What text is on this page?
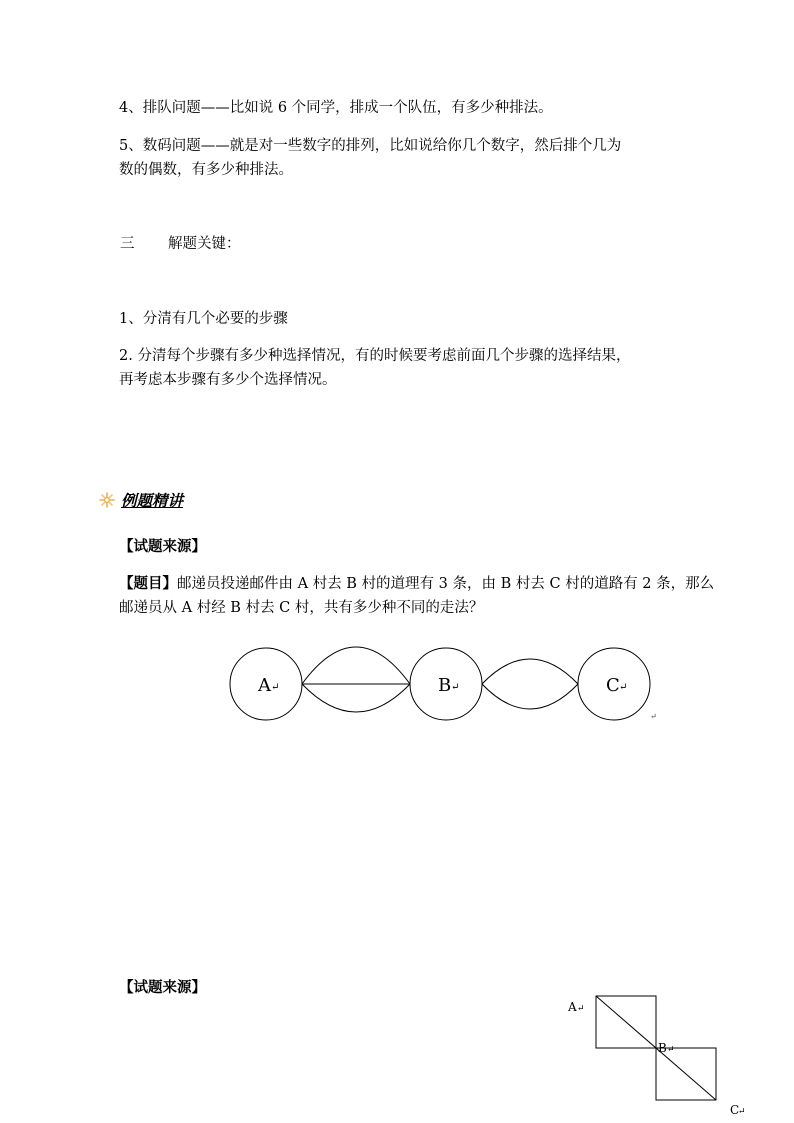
4、排队问题——比如说 6 个同学，排成一个队伍，有多少种排法。
5、数码问题——就是对一些数字的排列，比如说给你几个数字，然后排个几为
数的偶数，有多少种排法。
三 解题关键：
1、分清有几个必要的步骤
2. 分清每个步骤有多少种选择情况，有的时候要考虑前面几个步骤的选择结果，
再考虑本步骤有多少个选择情况。
例题精讲
【试题来源】
【题目】邮递员投递邮件由 A 村去 B 村的道理有 3 条，由 B 村去 C 村的道路有 2 条，那么
邮递员从 A 村经 B 村去 C 村，共有多少种不同的走法？
A ↵	B ↵	C ↵
↵
【试题来源】
A ↵
B ↵
C
↵
